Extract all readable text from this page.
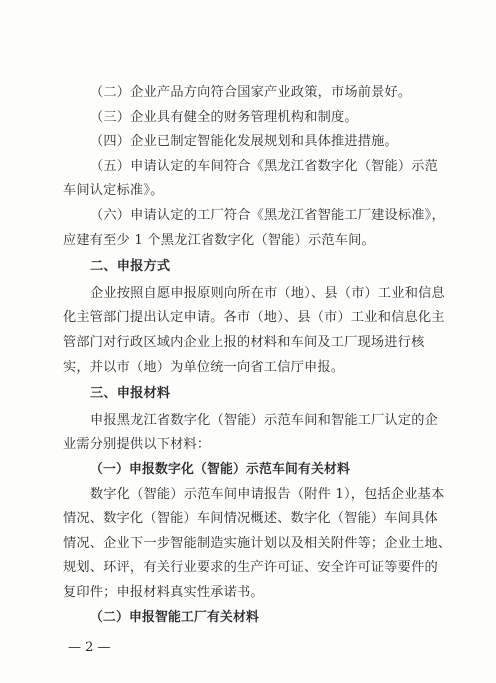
（二）企业产品方向符合国家产业政策，市场前景好。
（三）企业具有健全的财务管理机构和制度。
（四）企业已制定智能化发展规划和具体推进措施。
（五）申请认定的车间符合《黑龙江省数字化（智能）示范
车间认定标准》。
（六）申请认定的工厂符合《黑龙江省智能工厂建设标准》，
应建有至少 1 个黑龙江省数字化（智能）示范车间。
二、申报方式
企业按照自愿申报原则向所在市（地）、县（市）工业和信息
化主管部门提出认定申请。各市（地）、县（市）工业和信息化主
管部门对行政区域内企业上报的材料和车间及工厂现场进行核
实，并以市（地）为单位统一向省工信厅申报。
三、申报材料
申报黑龙江省数字化（智能）示范车间和智能工厂认定的企
业需分别提供以下材料：
（一）申报数字化（智能）示范车间有关材料
数字化（智能）示范车间申请报告（附件 1），包括企业基本
情况、数字化（智能）车间情况概述、数字化（智能）车间具体
情况、企业下一步智能制造实施计划以及相关附件等；企业土地、
规划、环评，有关行业要求的生产许可证、安全许可证等要件的
复印件；申报材料真实性承诺书。
（二）申报智能工厂有关材料
— 2 —
